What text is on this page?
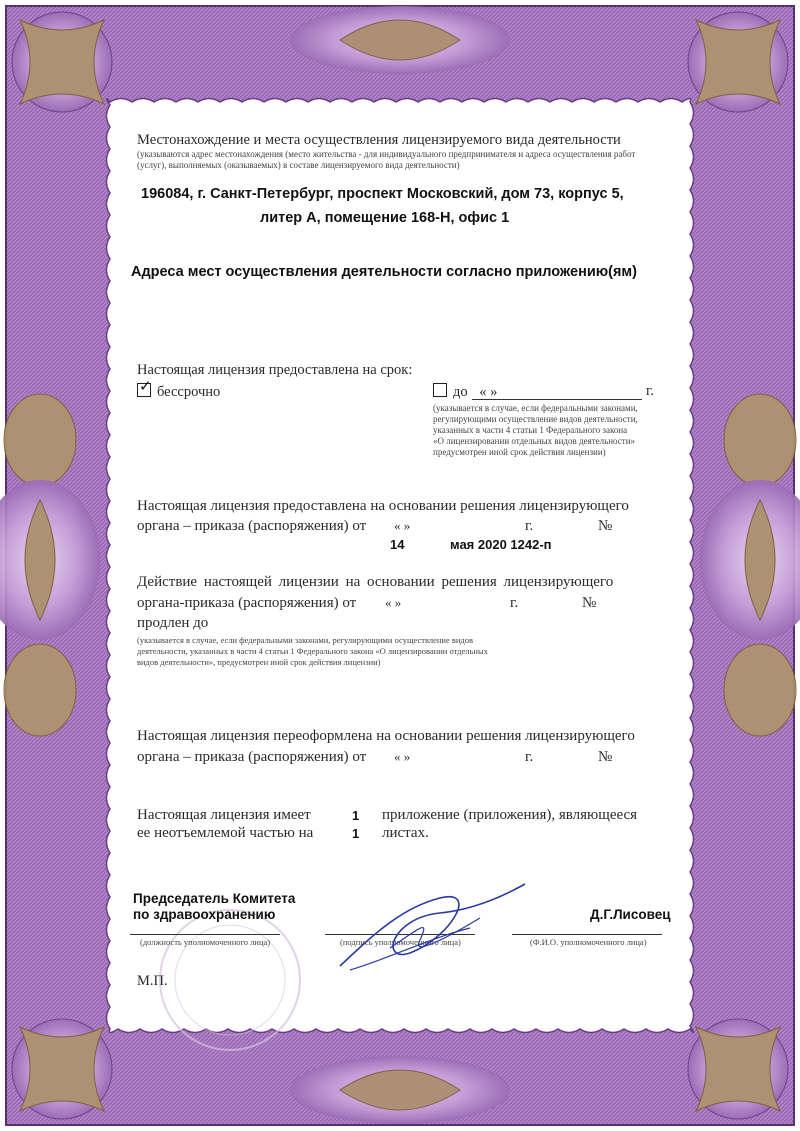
Местонахождение и места осуществления лицензируемого вида деятельности
(указываются адрес местонахождения (место жительства - для индивидуального предпринимателя и адреса осуществления работ
(услуг), выполняемых (оказываемых) в составе лицензируемого вида деятельности)
196084, г. Санкт-Петербург, проспект Московский, дом 73, корпус 5,
литер А, помещение 168-Н, офис 1
Адреса мест осуществления деятельности согласно приложению(ям)
Настоящая лицензия предоставлена на срок:
✓ бессрочно	до « »	г.
(указывается в случае, если федеральными законами,
регулирующими осуществление видов деятельности,
указанных в части 4 статьи 1 Федерального закона
«О лицензировании отдельных видов деятельности»
предусмотрен иной срок действия лицензии)
Настоящая лицензия предоставлена на основании решения лицензирующего
органа – приказа (распоряжения) от « »	г.	№
14	мая 2020 1242-п
Действие настоящей лицензии на основании решения лицензирующего
органа-приказа (распоряжения) от « »	г.	№
продлен до
(указывается в случае, если федеральными законами, регулирующими осуществление видов
деятельности, указанных в части 4 статьи 1 Федерального закона «О лицензировании отдельных
видов деятельности», предусмотрен иной срок действия лицензии)
Настоящая лицензия переоформлена на основании решения лицензирующего
органа – приказа (распоряжения) от « »	г.	№
Настоящая лицензия имеет	1 приложение (приложения), являющееся
ее неотъемлемой частью на	1 листах.
Председатель Комитета
по здравоохранению	Д.Г.Лисовец
(должность уполномоченного лица)	(подпись уполномоченного лица)	(Ф.И.О. уполномоченного лица)
М.П.
